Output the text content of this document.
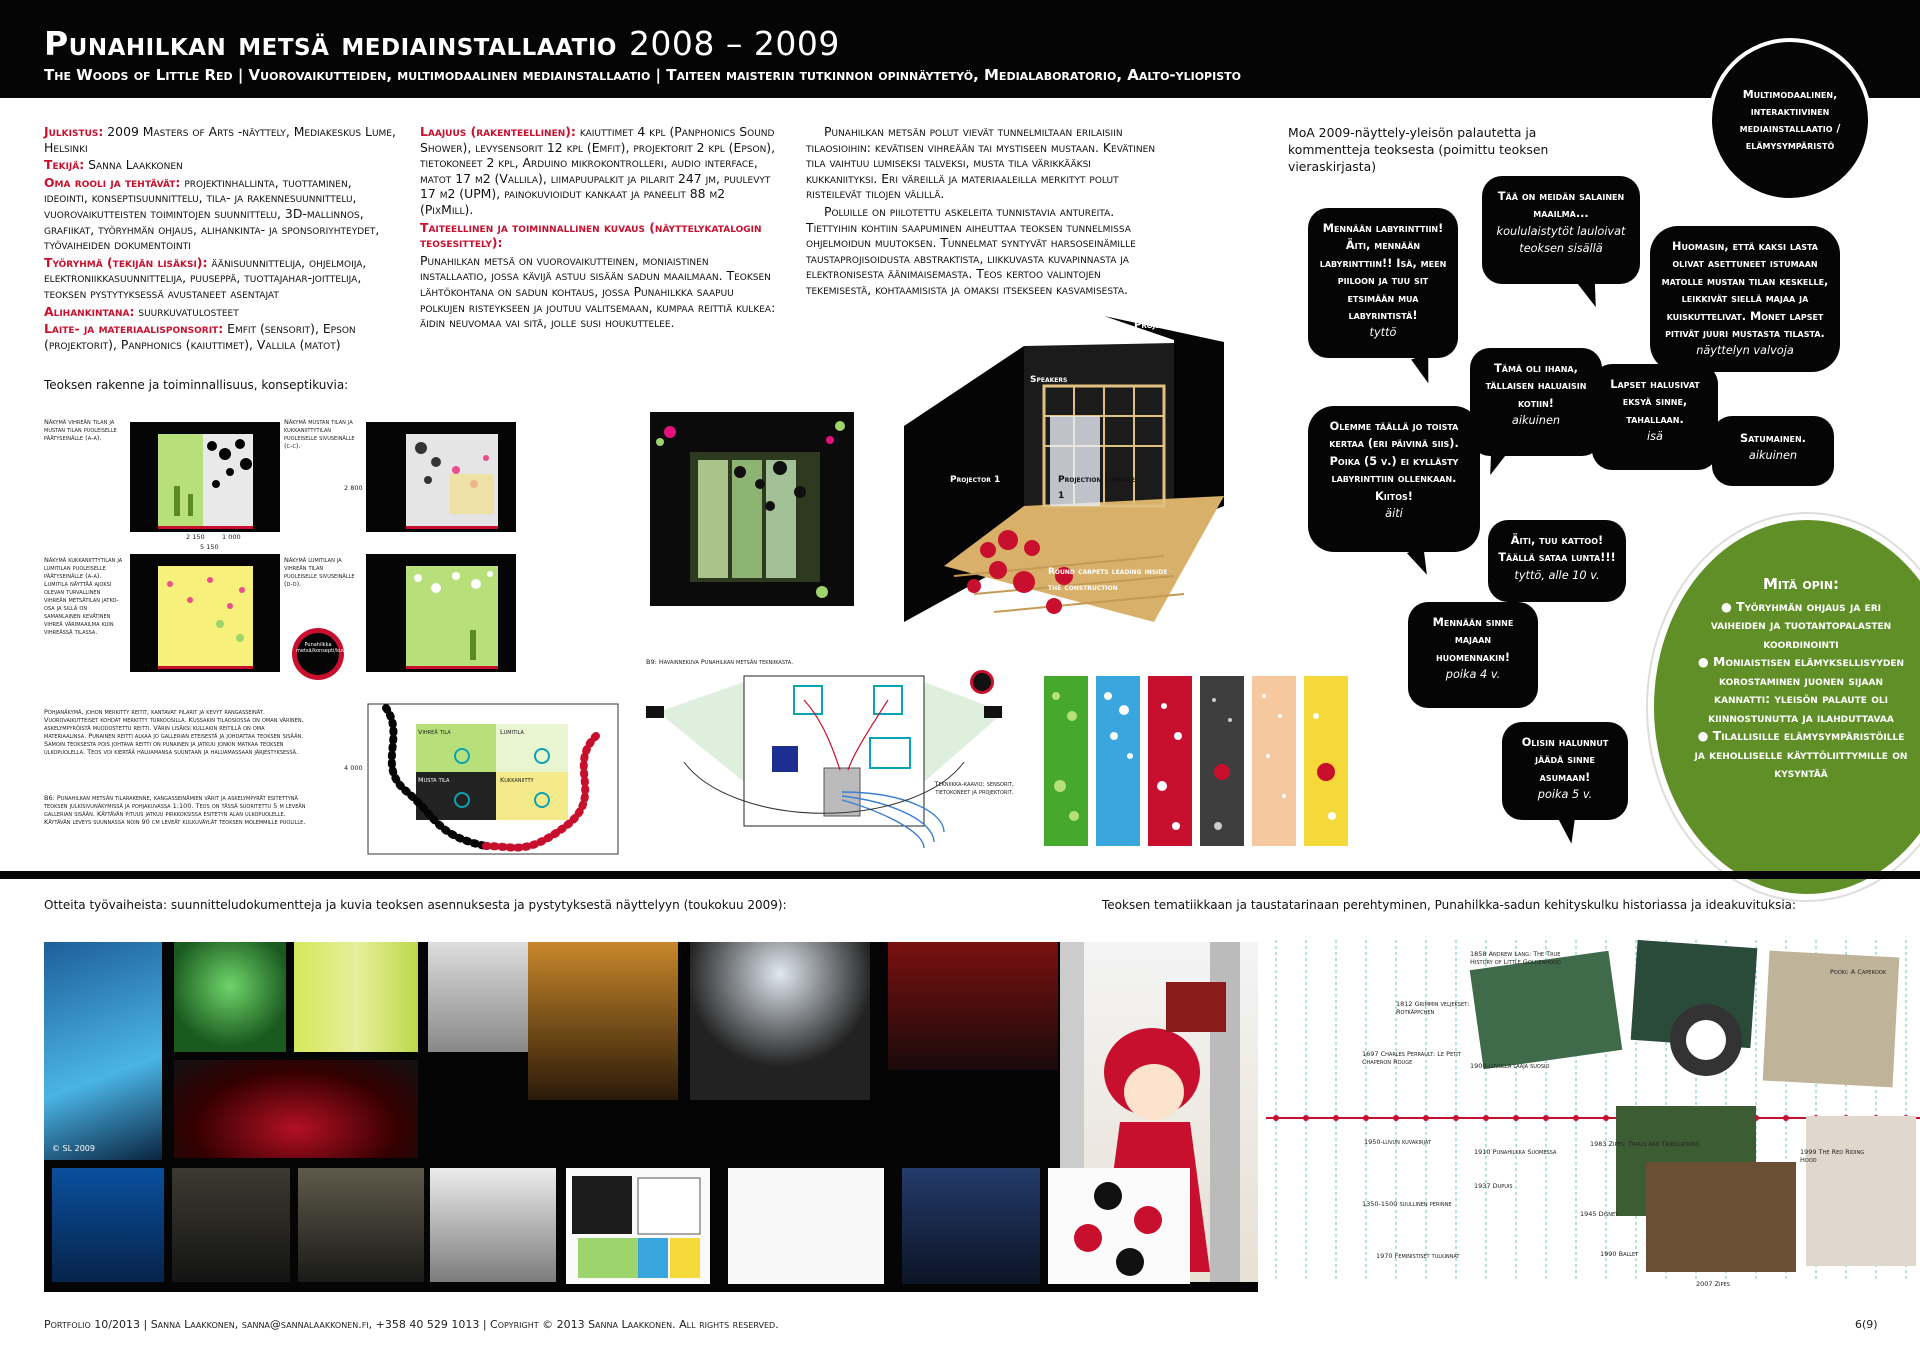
Punahilkan metsä mediainstallaatio 2008 – 2009
The Woods of Little Red | Vuorovaikutteiden, multimodaalinen mediainstallaatio | Taiteen maisterin tutkinnon opinnäytetyö, Medialaboratorio, Aalto-yliopisto
Multimodaalinen, interaktiivinen mediainstallaatio / elämysympäristö

Julkistus: 2009 Masters of Arts -näyttely, Mediakeskus Lume, Helsinki

Tekijä: Sanna Laakkonen

Oma rooli ja tehtävät: projektinhallinta, tuottaminen, ideointi, konseptisuunnittelu, tila- ja rakennesuunnittelu, vuorovaikutteisten toimintojen suunnittelu, 3D-mallinnos, grafiikat, työryhmän ohjaus, alihankinta- ja sponsoriyhteydet, työvaiheiden dokumentointi

Työryhmä (tekijän lisäksi): äänisuunnittelija, ohjelmoija, elektroniikkasuunnittelija, puuseppä, tuottajahar-joittelija, teoksen pystytyksessä avustaneet asentajat

Alihankintana: suurkuvatulosteet

Laite- ja materiaalisponsorit: Emfit (sensorit), Epson (projektorit), Panphonics (kaiuttimet), Vallila (matot)

Laajuus (rakenteellinen): kaiuttimet 4 kpl (Panphonics Sound Shower), levysensorit 12 kpl (Emfit), projektorit 2 kpl (Epson), tietokoneet 2 kpl, Arduino mikrokontrolleri, audio interface, matot 17 m2 (Vallila), liimapuupalkit ja pilarit 247 jm, puulevyt 17 m2 (UPM), painokuvioidut kankaat ja paneelit 88 m2 (PixMill).

Taiteellinen ja toiminnallinen kuvaus (näyttelykatalogin teosesittely):

Punahilkan metsä on vuorovaikutteinen, moniaistinen installaatio, jossa kävijä astuu sisään sadun maailmaan. Teoksen lähtökohtana on sadun kohtaus, jossa Punahilkka saapuu polkujen risteykseen ja joutuu valitsemaan, kumpaa reittiä kulkea: äidin neuvomaa vai sitä, jolle susi houkuttelee.

Punahilkan metsän polut vievät tunnelmiltaan erilaisiin tilaosioihin: kevätisen vihreään tai mystiseen mustaan. Kevätinen tila vaihtuu lumiseksi talveksi, musta tila värikkääksi kukkaniityksi. Eri väreillä ja materiaaleilla merkityt polut risteilevät tilojen välillä.

Poluille on piilotettu askeleita tunnistavia antureita. Tiettyihin kohtiin saapuminen aiheuttaa teoksen tunnelmissa ohjelmoidun muutoksen. Tunnelmat syntyvät harsoseinämille taustaprojisoidusta abstraktista, liikkuvasta kuvapinnasta ja elektronisesta äänimaisemasta. Teos kertoo valintojen tekemisestä, kohtaamisista ja omaksi itsekseen kasvamisesta.

MoA 2009-näyttely-yleisön palautetta ja kommentteja teoksesta (poimittu teoksen vieraskirjasta)
Mennään labyrinttiin! Äiti, mennään labyrinttiin!! Isä, meen piiloon ja tuu sit etsimään mua labyrintistä!
tyttö
Tää on meidän salainen maailma...
koululaistytöt lauloivat teoksen sisällä	Huomasin, että kaksi lasta olivat asettuneet istumaan matolle mustan tilan keskelle, leikkivät siellä majaa ja kuiskuttelivat. Monet lapset pitivät juuri mustasta tilasta.
näyttelyn valvoja
Tämä oli ihana, tällaisen haluaisin kotiin!
aikuinen
Lapset halusivat eksyä sinne, tahallaan.
isä	Satumainen.
aikuinen
Olemme täällä jo toista kertaa (eri päivinä siis). Poika (5 v.) ei kyllästy labyrinttiin ollenkaan. Kiitos!
äiti
Äiti, tuu kattoo! Täällä sataa lunta!!!
tyttö, alle 10 v.
Mennään sinne majaan huomennakin!
poika 4 v.
Olisin halunnut jäädä sinne asumaan!
poika 5 v.
Mitä opin:
● Työryhmän ohjaus ja eri vaiheiden ja tuotantopalasten koordinointi
● Moniaistisen elämyksellisyyden korostaminen juonen sijaan kannatti: yleisön palaute oli kiinnostunutta ja ilahduttavaa
● Tilallisille elämysympäristöille ja keholliselle käyttöliittymille on kysyntää
Teoksen rakenne ja toiminnallisuus, konseptikuvia:
Näkymä vihreän tilan ja mustan tilan puoleiselle päätyseinälle (a-a).
Näkymä mustan tilan ja kukkaniittytilan puoleiselle sivuseinälle (c-c).
Näkymä kukkaniittytilan ja lumitilan puoleiselle päätyseinälle (a-a). Lumitila näyttää ajoksi olevan turvallinen vihreän metsätilan jatko-osa ja sillä on samanlainen kevätinen vihreä värimaailma kuin vihreässä tilassa.
Näkymä lumitilan ja vihreän tilan puoleiselle sivuseinälle (d-d).
Pohjanäkymä, johon merkitty reitit, kantavat pilarit ja kevyt rangasseinät. Vuorovaikutteiset kohdat merkitty turkoosilla. Kussakin tilaosiossa on oman värinen, askelympyröistä muodostettu reitti. Värin lisäksi kullakin reitillä on oma materiaalinsa. Punainen reitti alkaa jo gallerian eteisestä ja johdattaa teoksen sisään. Samoin teoksesta pois johtava reitti on punainen ja jatkuu jonkin matkaa teoksen ulkopuolella. Teos voi kiertää haluamansa suuntaan ja haluamassaan järjestyksessä.
B6: Punahilkan metsän tilarakenne, kangasseinämien värit ja askelympyrät esitettynä teoksen julkisivunäkymissä ja pohjakuvassa 1:100. Teos on tässä suoritettu 5 m leveän gallerian sisään. Käytävän pituus jatkuu pirkkoksissa esitetyn alan ulkopuolelle. Käytävän leveys suunnassa noin 90 cm leveät kulkuväylät teoksen molemmille puolille.
Punahilkka metsä/konsepti/kuvat
Vihreä tila	Lumitila
Musta tila	Kukkaniitty
2 800
4 000
2 150	1 000
5 150
Projector 2
Speakers
Projector 1	Projection surface 1
Round carpets leading inside the construction
B9: Havainnekuva Punahilkan metsän tekniikasta.
Tekniikka-kaavio: sensorit, tietokoneet ja projektorit.
Otteita työvaiheista: suunnitteludokumentteja ja kuvia teoksen asennuksesta ja pystytyksestä näyttelyyn (toukokuu 2009):	Teoksen tematiikkaan ja taustatarinaan perehtyminen, Punahilkka-sadun kehityskulku historiassa ja ideakuvituksia:
© SL 2009
1858 Andrew Lang: The True History of Little Goldenhood
1812 Grimmin veljekset: Rotkäppchen
1697 Charles Perrault: Le Petit Chaperon Rouge	1900-luvulla laaja suosio
1910 Punahilkka Suomessa
1937 Dupuis
1950-luvun kuvakirjat	1983 Zipes: Trials and Tribulations
1990 Ballet
1350-1500 suullinen perinne
1945 Disney
1970 Feministiset tulkinnat
1999 The Red Riding Hood
2007 Zipes
Pooki: A Caperook
Portfolio 10/2013 | Sanna Laakkonen, sanna@sannalaakkonen.fi, +358 40 529 1013 | Copyright © 2013 Sanna Laakkonen. All rights reserved.	6(9)
